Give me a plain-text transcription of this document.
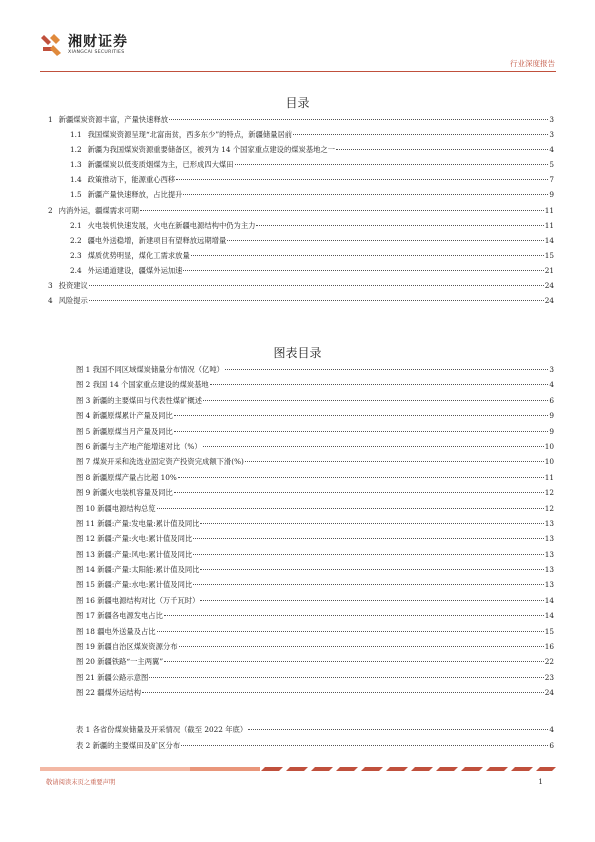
湘财证券
XIANGCAI SECURITIES
行业深度报告
目录
1 新疆煤炭资源丰富，产量快速释放	3
1.1 我国煤炭资源呈现“北富南贫，西多东少”的特点，新疆储量居前	3
1.2 新疆为我国煤炭资源重要储备区，被列为 14 个国家重点建设的煤炭基地之一	4
1.3 新疆煤炭以低变质烟煤为主，已形成四大煤田	5
1.4 政策推动下，能源重心西移	7
1.5 新疆产量快速释放，占比提升	9
2 内消外运，疆煤需求可期	11
2.1 火电装机快速发展，火电在新疆电源结构中仍为主力	11
2.2 疆电外送稳增，新建项目有望释放远期增量	14
2.3 煤质优势明显，煤化工需求放量	15
2.4 外运通道建设，疆煤外运加速	21
3 投资建议	24
4 风险提示	24
图表目录
图 1 我国不同区域煤炭储量分布情况（亿吨）	3
图 2 我国 14 个国家重点建设的煤炭基地	4
图 3 新疆的主要煤田与代表性煤矿概述	6
图 4 新疆原煤累计产量及同比	9
图 5 新疆原煤当月产量及同比	9
图 6 新疆与主产地产能增速对比（%）	10
图 7 煤炭开采和洗选业固定资产投资完成额下滑(%)	10
图 8 新疆原煤产量占比超 10%	11
图 9 新疆火电装机容量及同比	12
图 10 新疆电源结构总览	12
图 11 新疆:产量:发电量:累计值及同比	13
图 12 新疆:产量:火电:累计值及同比	13
图 13 新疆:产量:风电:累计值及同比	13
图 14 新疆:产量:太阳能:累计值及同比	13
图 15 新疆:产量:水电:累计值及同比	13
图 16 新疆电源结构对比（万千瓦时）	14
图 17 新疆各电源发电占比	14
图 18 疆电外送量及占比	15
图 19 新疆自治区煤炭资源分布	16
图 20 新疆铁路“一主两翼”	22
图 21 新疆公路示意图	23
图 22 疆煤外运结构	24
表 1 各省份煤炭储量及开采情况（截至 2022 年底）	4
表 2 新疆的主要煤田及矿区分布	6
敬请阅读末页之重要声明	1
